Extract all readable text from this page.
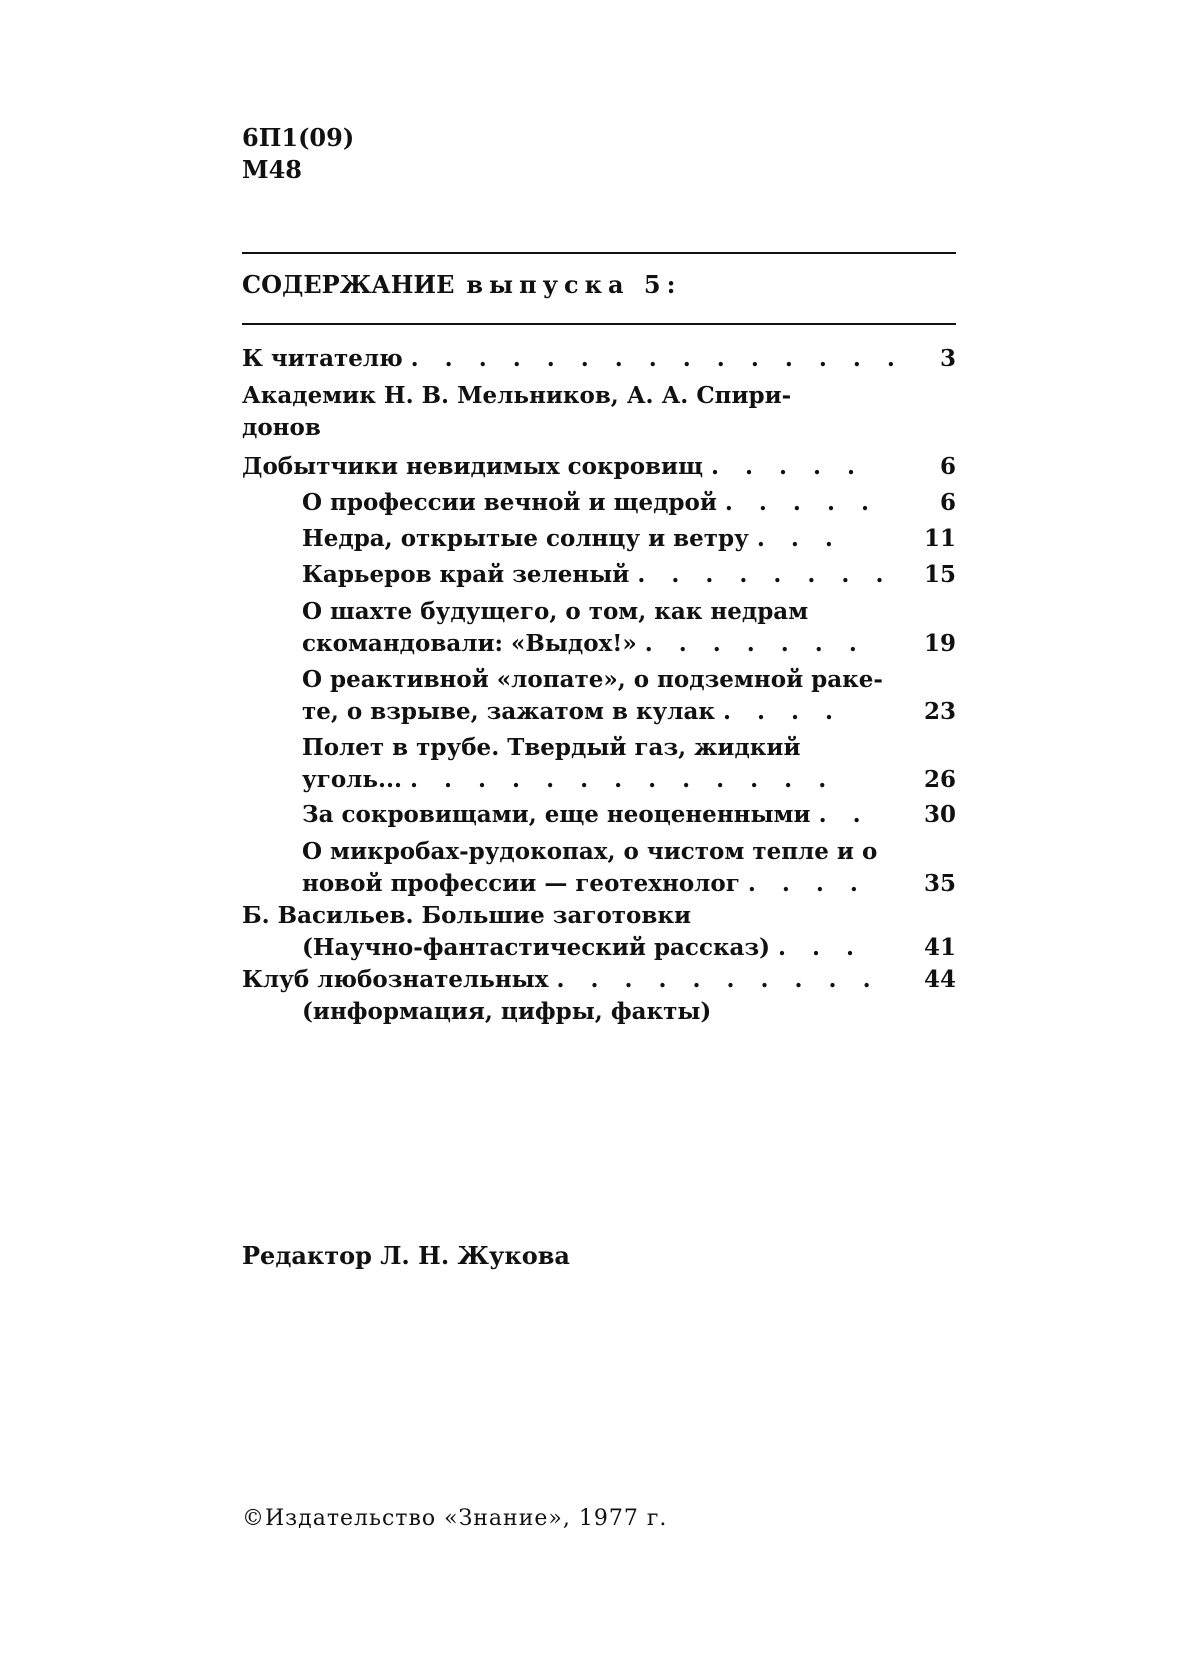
6П1(09)
М48
СОДЕРЖАНИЕ выпуска 5:
К читателю . . . . . . . . . . . . . . .	3
Академик Н. В. Мельников, А. А. Спири-
донов
Добытчики невидимых сокровищ . . . . .	6
О профессии вечной и щедрой . . . . .	6
Недра, открытые солнцу и ветру . . .	11
Карьеров край зеленый . . . . . . . .	15
О шахте будущего, о том, как недрам
скомандовали: «Выдох!» . . . . . . .	19
О реактивной «лопате», о подземной раке-
те, о взрыве, зажатом в кулак . . . .	23
Полет в трубе. Твердый газ, жидкий
уголь... . . . . . . . . . . . . .	26
За сокровищами, еще неоцененными . .	30
О микробах-рудокопах, о чистом тепле и о
новой профессии — геотехнолог . . . .	35
Б. Васильев. Большие заготовки
(Научно-фантастический рассказ) . . .	41
Клуб любознательных . . . . . . . . . .	44
(информация, цифры, факты)
Редактор Л. Н. Жукова
©Издательство «Знание», 1977 г.
